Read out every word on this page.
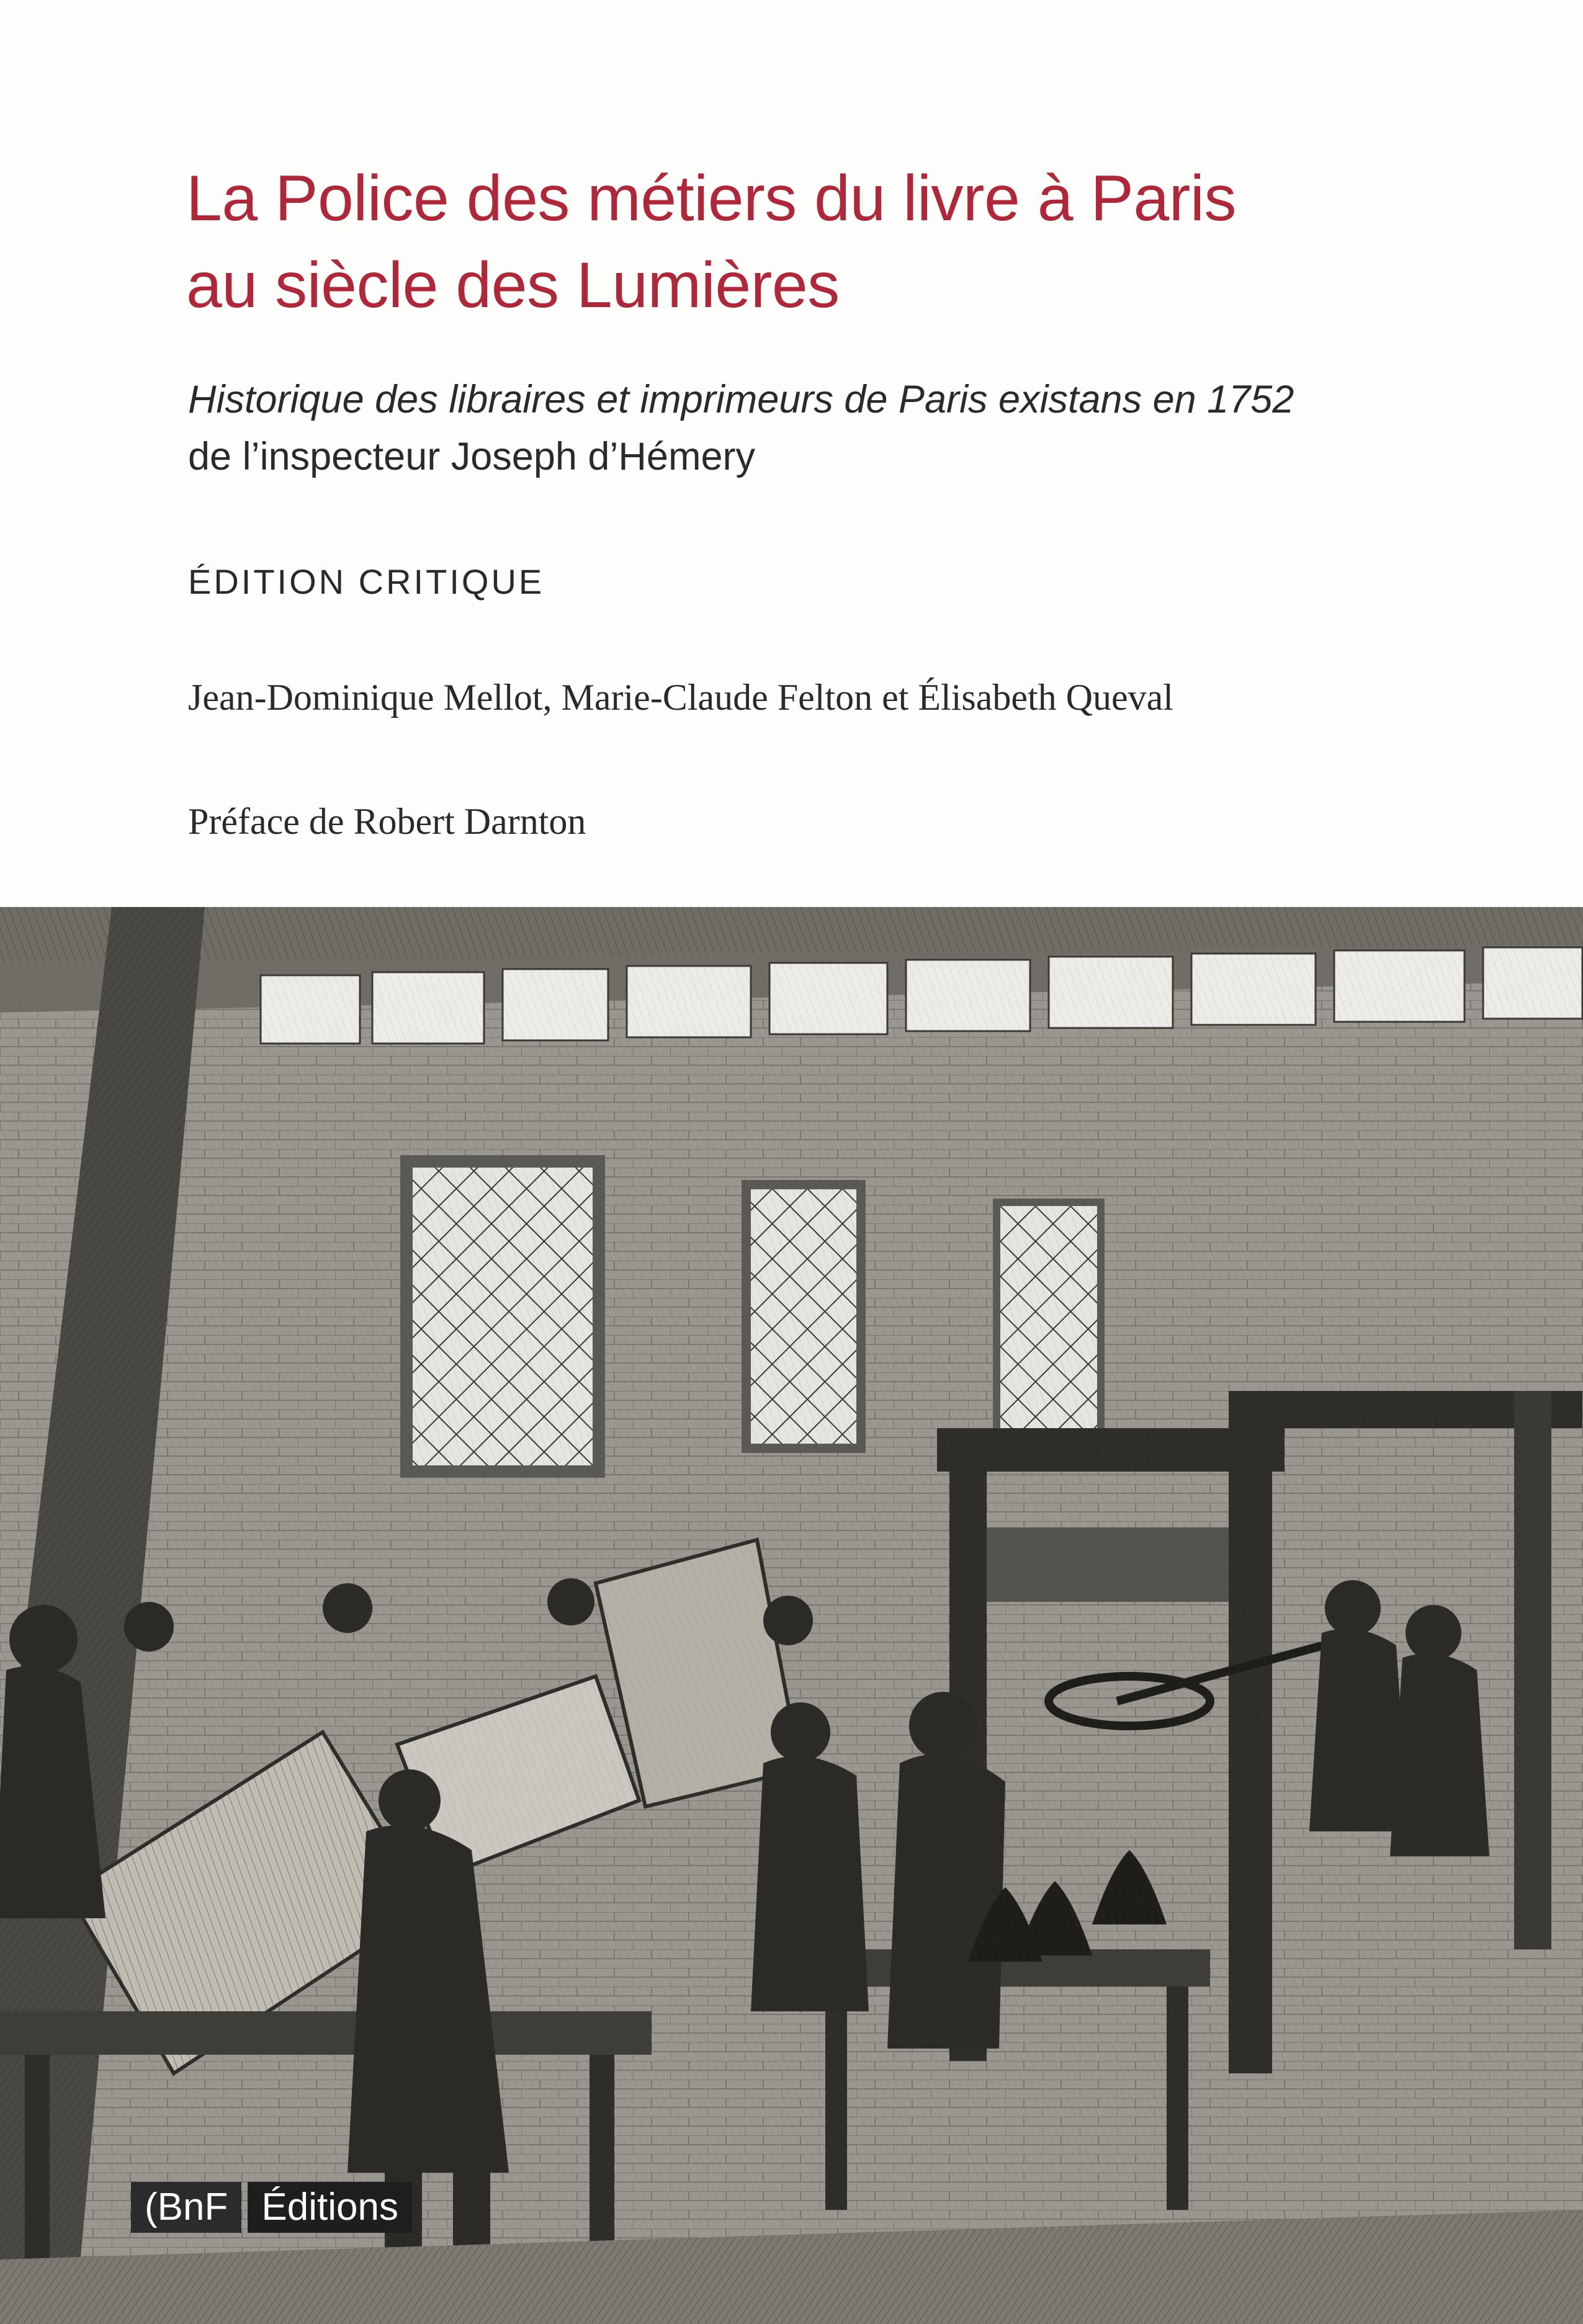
La Police des métiers du livre à Paris
au siècle des Lumières
Historique des libraires et imprimeurs de Paris existans en 1752
de l’inspecteur Joseph d’Hémery
ÉDITION CRITIQUE
Jean-Dominique Mellot, Marie-Claude Felton et Élisabeth Queval
Préface de Robert Darnton
(BnF Éditions
